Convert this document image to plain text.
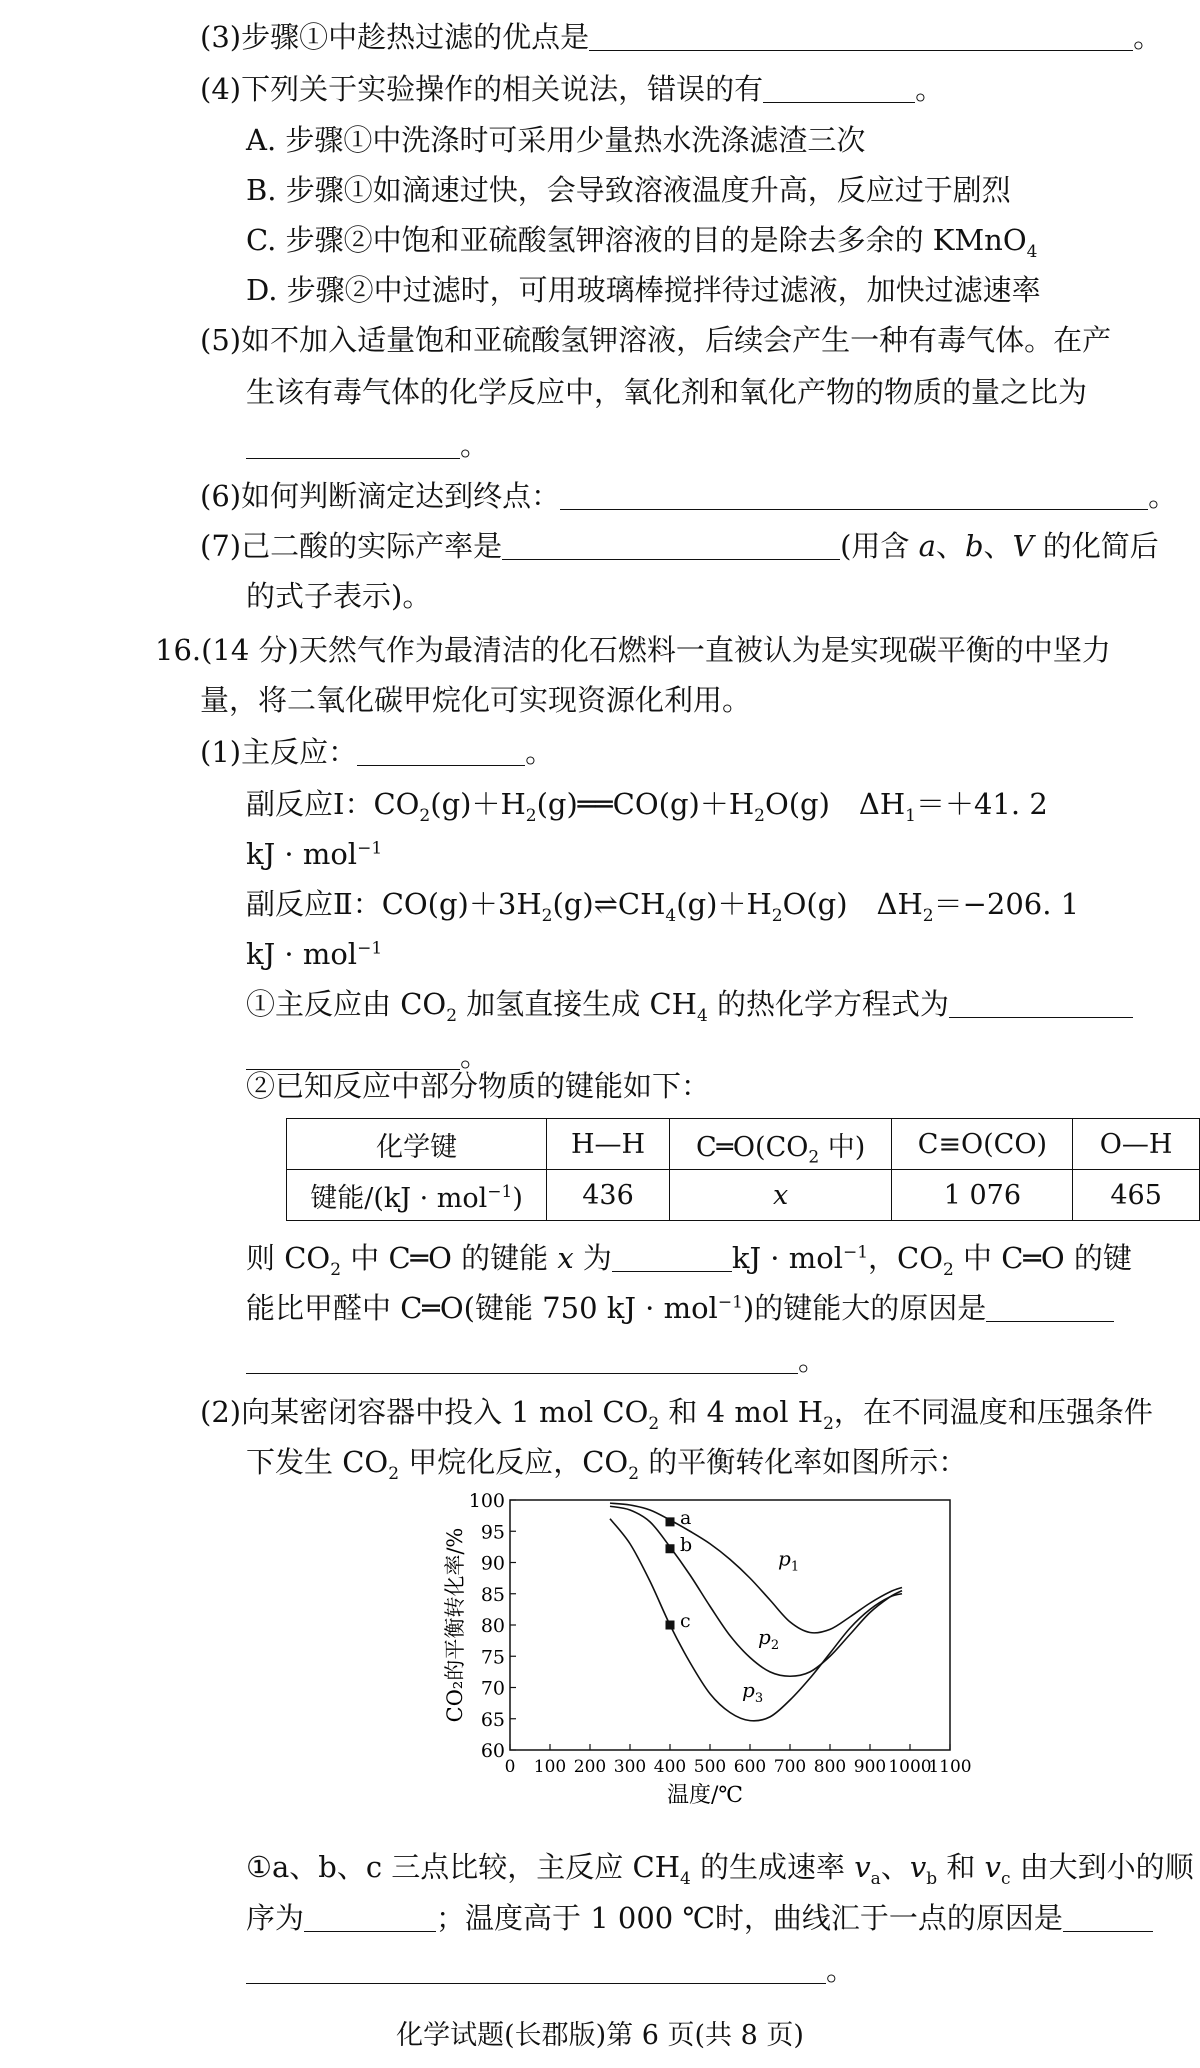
(3)步骤①中趁热过滤的优点是	。
(4)下列关于实验操作的相关说法，错误的有	。
A. 步骤①中洗涤时可采用少量热水洗涤滤渣三次
B. 步骤①如滴速过快，会导致溶液温度升高，反应过于剧烈
C. 步骤②中饱和亚硫酸氢钾溶液的目的是除去多余的 KMnO$_4$
D. 步骤②中过滤时，可用玻璃棒搅拌待过滤液，加快过滤速率
(5)如不加入适量饱和亚硫酸氢钾溶液，后续会产生一种有毒气体。在产
生该有毒气体的化学反应中，氧化剂和氧化产物的物质的量之比为
。
(6)如何判断滴定达到终点：	。
(7)己二酸的实际产率是	(用含 a、b、V 的化简后
的式子表示)。
16.(14 分)天然气作为最清洁的化石燃料一直被认为是实现碳平衡的中坚力
量，将二氧化碳甲烷化可实现资源化利用。
(1)主反应：	。
副反应Ⅰ：$CO_2(g)+H_2(g)══CO(g)+H_2O(g)$　$\Delta H_1=+41$. 2
kJ · mol$^{-1}$
副反应Ⅱ：$CO(g)+3H_2(g)\rightleftharpoons CH_4(g)+H_2O(g)$　$\Delta H_2=-206$. 1
kJ · mol$^{-1}$
①主反应由 $CO_2$ 加氢直接生成 $CH_4$ 的热化学方程式为
。
②已知反应中部分物质的键能如下：
化学键	H—H	$C═O(CO_2$ 中)	C≡O(CO)	O—H
键能/(kJ · mol$^{-1}$)	436	x	1 076	465
则 $CO_2$ 中 C═O 的键能 x 为	kJ · mol$^{-1}$，$CO_2$ 中 C═O 的键
能比甲醛中 C═O(键能 750 kJ · mol$^{-1}$)的键能大的原因是
。
(2)向某密闭容器中投入 1 mol $CO_2$ 和 4 mol $H_2$，在不同温度和压强条件
下发生 $CO_2$ 甲烷化反应，$CO_2$ 的平衡转化率如图所示：
60
65
70
75
80
85
90
95
100
0 100 200 300 400 500 600 700 800 900 1000
1100
a
b
c
$p_1$
$p_2$
$p_3$
温度/℃
CO₂的平衡转化率/%
①a、b、c 三点比较，主反应 $CH_4$ 的生成速率 $v_a$、$v_b$ 和 $v_c$ 由大到小的顺
序为	；温度高于 1 000 ℃时，曲线汇于一点的原因是
。
化学试题(长郡版)第 6 页(共 8 页)
